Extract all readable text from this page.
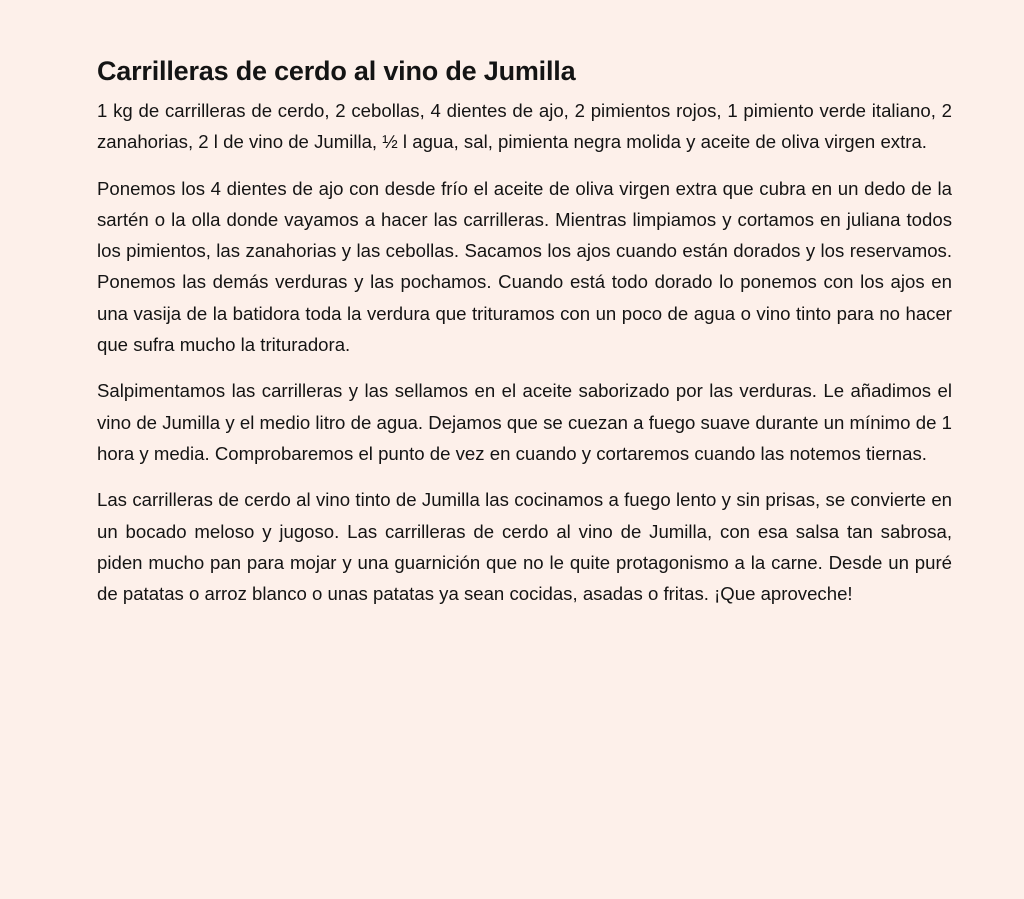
Carrilleras de cerdo al vino de Jumilla

1 kg de carrilleras de cerdo, 2 cebollas, 4 dientes de ajo, 2 pimientos rojos, 1 pimiento verde italiano, 2 zanahorias, 2 l de vino de Jumilla, ½ l agua, sal, pimienta negra molida y aceite de oliva virgen extra.

Ponemos los 4 dientes de ajo con desde frío el aceite de oliva virgen extra que cubra en un dedo de la sartén o la olla donde vayamos a hacer las carrilleras. Mientras limpiamos y cortamos en juliana todos los pimientos, las zanahorias y las cebollas. Sacamos los ajos cuando están dorados y los reservamos. Ponemos las demás verduras y las pochamos. Cuando está todo dorado lo ponemos con los ajos en una vasija de la batidora toda la verdura que trituramos con un poco de agua o vino tinto para no hacer que sufra mucho la trituradora.

Salpimentamos las carrilleras y las sellamos en el aceite saborizado por las verduras. Le añadimos el vino de Jumilla y el medio litro de agua. Dejamos que se cuezan a fuego suave durante un mínimo de 1 hora y media. Comprobaremos el punto de vez en cuando y cortaremos cuando las notemos tiernas.

Las carrilleras de cerdo al vino tinto de Jumilla las cocinamos a fuego lento y sin prisas, se convierte en un bocado meloso y jugoso. Las carrilleras de cerdo al vino de Jumilla, con esa salsa tan sabrosa, piden mucho pan para mojar y una guarnición que no le quite protagonismo a la carne. Desde un puré de patatas o arroz blanco o unas patatas ya sean cocidas, asadas o fritas. ¡Que aproveche!
